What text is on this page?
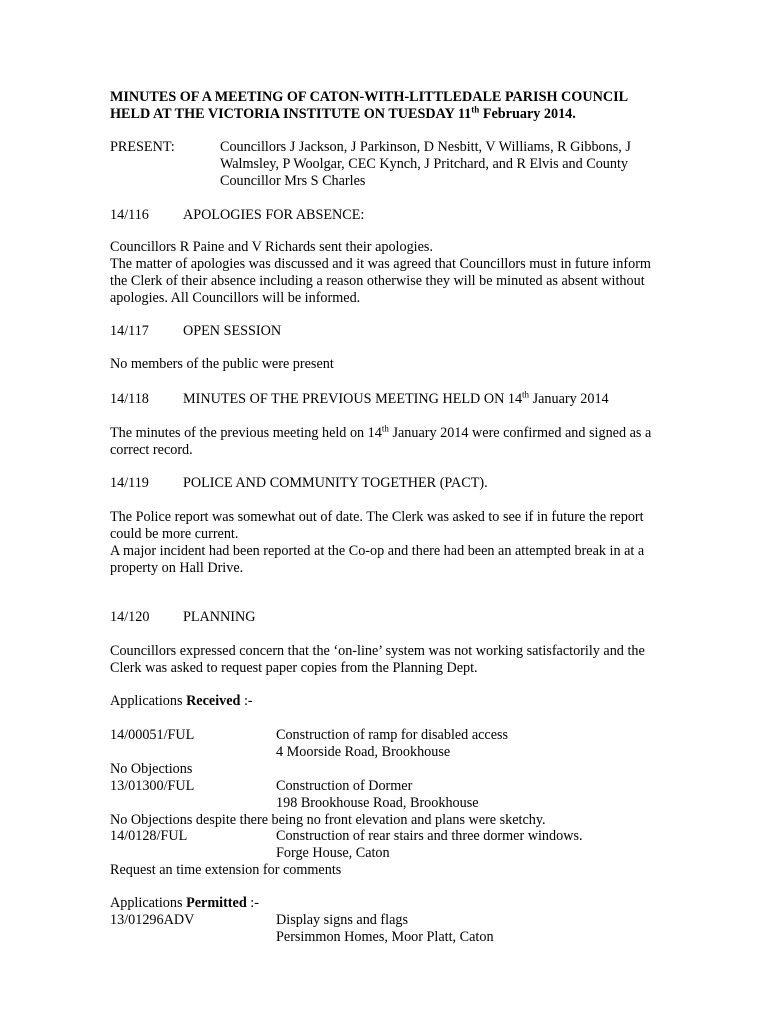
MINUTES OF A MEETING OF CATON-WITH-LITTLEDALE PARISH COUNCIL
HELD AT THE VICTORIA INSTITUTE ON TUESDAY 11th February 2014.
PRESENT:	Councillors J Jackson, J Parkinson, D Nesbitt, V Williams, R Gibbons, J
Walmsley, P Woolgar, CEC Kynch, J Pritchard, and R Elvis and County
Councillor Mrs S Charles
14/116 APOLOGIES FOR ABSENCE:
Councillors R Paine and V Richards sent their apologies.
The matter of apologies was discussed and it was agreed that Councillors must in future inform
the Clerk of their absence including a reason otherwise they will be minuted as absent without
apologies. All Councillors will be informed.
14/117 OPEN SESSION
No members of the public were present
14/118 MINUTES OF THE PREVIOUS MEETING HELD ON 14th January 2014
The minutes of the previous meeting held on 14th January 2014 were confirmed and signed as a
correct record.
14/119 POLICE AND COMMUNITY TOGETHER (PACT).
The Police report was somewhat out of date. The Clerk was asked to see if in future the report
could be more current.
A major incident had been reported at the Co-op and there had been an attempted break in at a
property on Hall Drive.
14/120 PLANNING
Councillors expressed concern that the ‘on-line’ system was not working satisfactorily and the
Clerk was asked to request paper copies from the Planning Dept.
Applications Received :-
14/00051/FUL	Construction of ramp for disabled access
4 Moorside Road, Brookhouse
No Objections
13/01300/FUL	Construction of Dormer
198 Brookhouse Road, Brookhouse
No Objections despite there being no front elevation and plans were sketchy.
14/0128/FUL	Construction of rear stairs and three dormer windows.
Forge House, Caton
Request an time extension for comments
Applications Permitted :-
13/01296ADV	Display signs and flags
Persimmon Homes, Moor Platt, Caton
